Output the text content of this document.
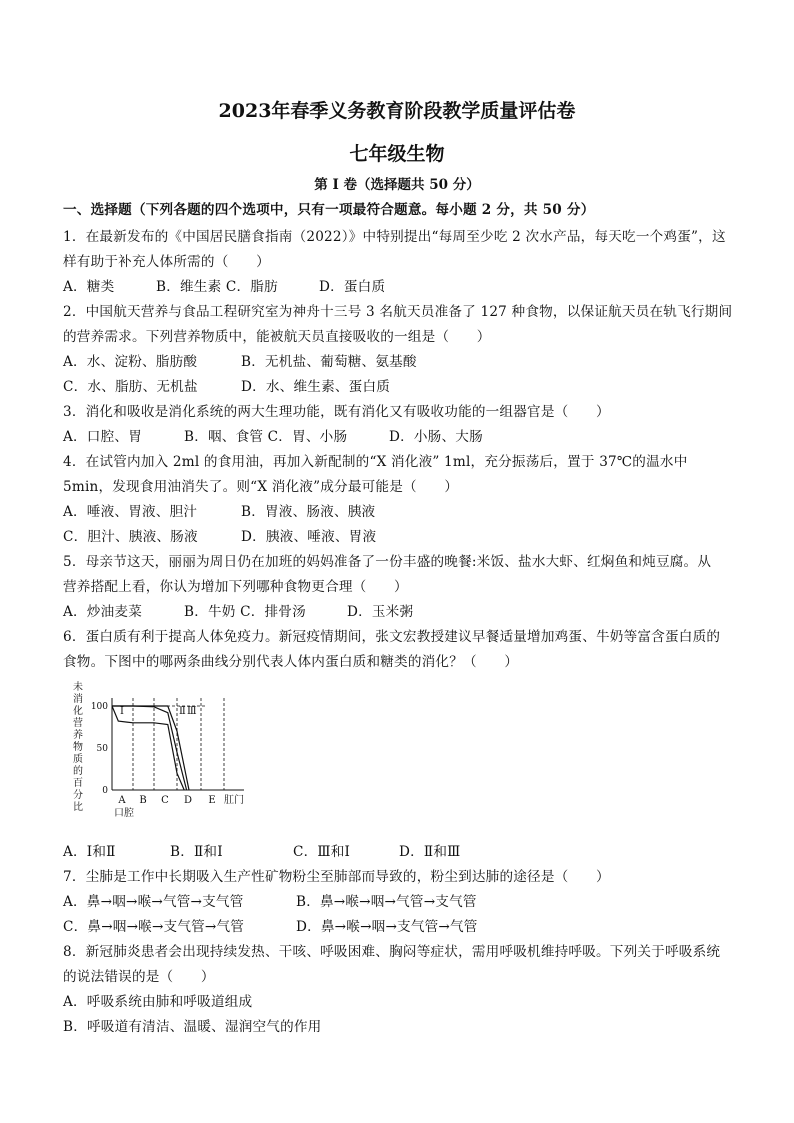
2023年春季义务教育阶段教学质量评估卷
七年级生物
第 I 卷（选择题共 50 分）
一、选择题（下列各题的四个选项中，只有一项最符合题意。每小题 2 分，共 50 分）
1．在最新发布的《中国居民膳食指南（2022）》中特别提出“每周至少吃 2 次水产品，每天吃一个鸡蛋”，这
样有助于补充人体所需的（　　）
A．糖类	B．维生素 C．脂肪	D．蛋白质
2．中国航天营养与食品工程研究室为神舟十三号 3 名航天员准备了 127 种食物，以保证航天员在轨飞行期间
的营养需求。下列营养物质中，能被航天员直接吸收的一组是（　　）
A．水、淀粉、脂肪酸	B．无机盐、葡萄糖、氨基酸
C．水、脂肪、无机盐	D．水、维生素、蛋白质
3．消化和吸收是消化系统的两大生理功能，既有消化又有吸收功能的一组器官是（　　）
A．口腔、胃	B．咽、食管 C．胃、小肠	D．小肠、大肠
4．在试管内加入 2ml 的食用油，再加入新配制的“X 消化液” 1ml，充分振荡后，置于 37℃的温水中
5min，发现食用油消失了。则“X 消化液”成分最可能是（　　）
A．唾液、胃液、胆汁	B．胃液、肠液、胰液
C．胆汁、胰液、肠液	D．胰液、唾液、胃液
5．母亲节这天，丽丽为周日仍在加班的妈妈准备了一份丰盛的晚餐:米饭、盐水大虾、红焖鱼和炖豆腐。从
营养搭配上看，你认为增加下列哪种食物更合理（　　）
A．炒油麦菜	B．牛奶 C．排骨汤	D．玉米粥
6．蛋白质有利于提高人体免疫力。新冠疫情期间，张文宏教授建议早餐适量增加鸡蛋、牛奶等富含蛋白质的
食物。下图中的哪两条曲线分别代表人体内蛋白质和糖类的消化？（　　）
未
消
化
营
养
物
质
的
百
分
比
100
50
0
A B C D E 肛门
口腔
Ⅰ	Ⅱ Ⅲ
A．Ⅰ和Ⅱ	B．Ⅱ和Ⅰ	C．Ⅲ和Ⅰ	D．Ⅱ和Ⅲ
7．尘肺是工作中长期吸入生产性矿物粉尘至肺部而导致的，粉尘到达肺的途径是（　　）
A．鼻→咽→喉→气管→支气管	B．鼻→喉→咽→气管→支气管
C．鼻→咽→喉→支气管→气管	D．鼻→喉→咽→支气管→气管
8．新冠肺炎患者会出现持续发热、干咳、呼吸困难、胸闷等症状，需用呼吸机维持呼吸。下列关于呼吸系统
的说法错误的是（　　）
A．呼吸系统由肺和呼吸道组成
B．呼吸道有清洁、温暖、湿润空气的作用
